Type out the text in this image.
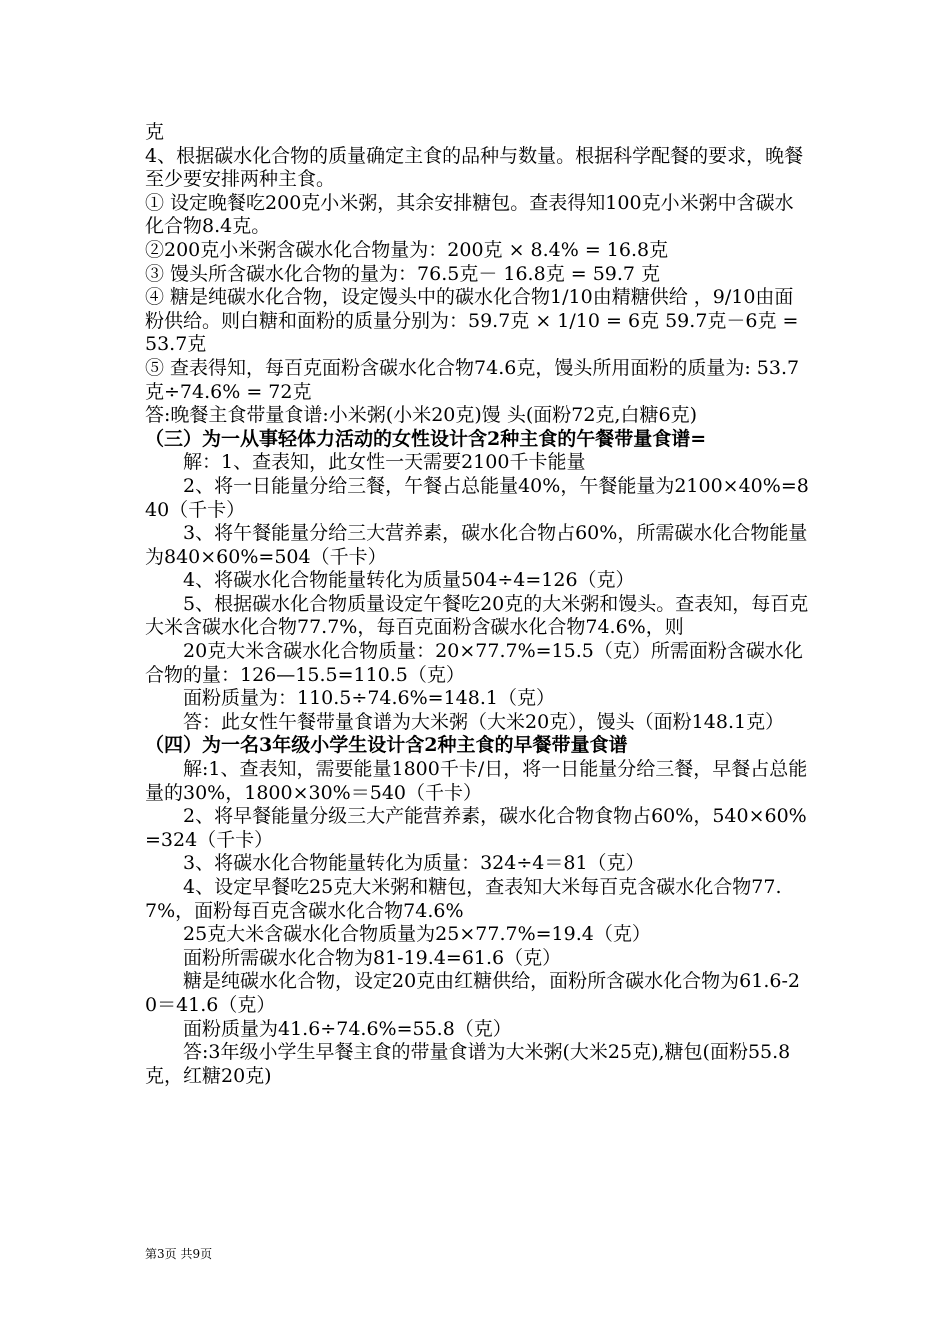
克

4、根据碳水化合物的质量确定主食的品种与数量。根据科学配餐的要求，晚餐至少要安排两种主食。

① 设定晚餐吃200克小米粥，其余安排糖包。查表得知100克小米粥中含碳水化合物8.4克。

②200克小米粥含碳水化合物量为：200克 × 8.4% = 16.8克

③ 馒头所含碳水化合物的量为：76.5克－ 16.8克 = 59.7 克

④ 糖是纯碳水化合物，设定馒头中的碳水化合物1/10由精糖供给 ，9/10由面粉供给。则白糖和面粉的质量分别为：59.7克 × 1/10 = 6克 59.7克－6克 = 53.7克

⑤ 查表得知，每百克面粉含碳水化合物74.6克，馒头所用面粉的质量为: 53.7克÷74.6% = 72克

答:晚餐主食带量食谱:小米粥(小米20克)馒 头(面粉72克,白糖6克)

（三）为一从事轻体力活动的女性设计含2种主食的午餐带量食谱=

解：1、查表知，此女性一天需要2100千卡能量

2、将一日能量分给三餐，午餐占总能量40%，午餐能量为2100×40%=840（千卡）

3、将午餐能量分给三大营养素，碳水化合物占60%，所需碳水化合物能量为840×60%=504（千卡）

4、将碳水化合物能量转化为质量504÷4=126（克）

5、根据碳水化合物质量设定午餐吃20克的大米粥和馒头。查表知，每百克大米含碳水化合物77.7%，每百克面粉含碳水化合物74.6%，则

20克大米含碳水化合物质量：20×77.7%=15.5（克）所需面粉含碳水化合物的量：126—15.5=110.5（克）

面粉质量为：110.5÷74.6%=148.1（克）

答：此女性午餐带量食谱为大米粥（大米20克），馒头（面粉148.1克）

（四）为一名3年级小学生设计含2种主食的早餐带量食谱

解:1、查表知，需要能量1800千卡/日，将一日能量分给三餐，早餐占总能量的30%，1800×30%＝540（千卡）

2、将早餐能量分级三大产能营养素，碳水化合物食物占60%，540×60%=324（千卡）

3、将碳水化合物能量转化为质量：324÷4＝81（克）

4、设定早餐吃25克大米粥和糖包，查表知大米每百克含碳水化合物77.7%，面粉每百克含碳水化合物74.6%

25克大米含碳水化合物质量为25×77.7%=19.4（克）

面粉所需碳水化合物为81-19.4=61.6（克）

糖是纯碳水化合物，设定20克由红糖供给，面粉所含碳水化合物为61.6-20＝41.6（克）

面粉质量为41.6÷74.6%=55.8（克）

答:3年级小学生早餐主食的带量食谱为大米粥(大米25克),糖包(面粉55.8克，红糖20克)

第3页 共9页
